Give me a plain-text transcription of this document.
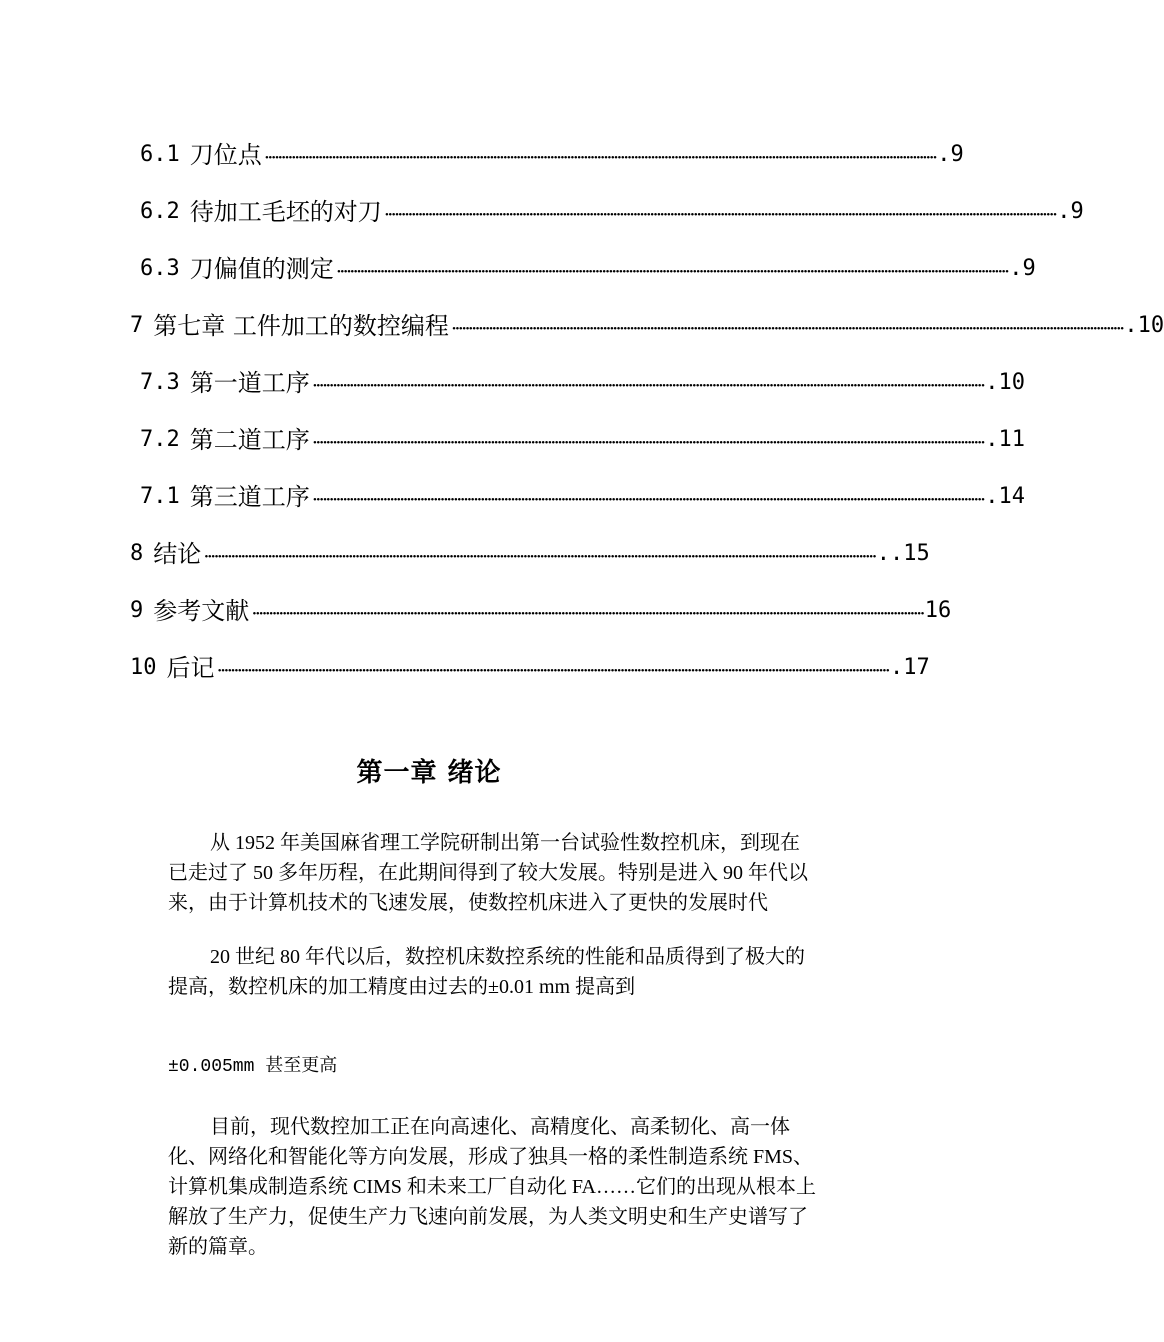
6.1 刀位点 ········································································································································································································ .9
6.2 待加工毛坯的对刀 ········································································································································································································ .9
6.3 刀偏值的测定 ········································································································································································································ .9
7 第七章 工件加工的数控编程 ········································································································································································································ .10
7.3 第一道工序 ········································································································································································································ .10
7.2 第二道工序 ········································································································································································································ .11
7.1 第三道工序 ········································································································································································································ .14
8 结论 ········································································································································································································ ..15
9 参考文献 ········································································································································································································ 16
10 后记 ········································································································································································································ .17
第一章 绪论
从 1952 年美国麻省理工学院研制出第一台试验性数控机床，到现在已走过了 50 多年历程，在此期间得到了较大发展。特别是进入 90 年代以来，由于计算机技术的飞速发展，使数控机床进入了更快的发展时代
20 世纪 80 年代以后，数控机床数控系统的性能和品质得到了极大的提高，数控机床的加工精度由过去的±0.01 mm 提高到
±0.005mm 甚至更高
目前，现代数控加工正在向高速化、高精度化、高柔韧化、高一体化、网络化和智能化等方向发展，形成了独具一格的柔性制造系统 FMS、计算机集成制造系统 CIMS 和未来工厂自动化 FA……它们的出现从根本上解放了生产力，促使生产力飞速向前发展，为人类文明史和生产史谱写了新的篇章。
